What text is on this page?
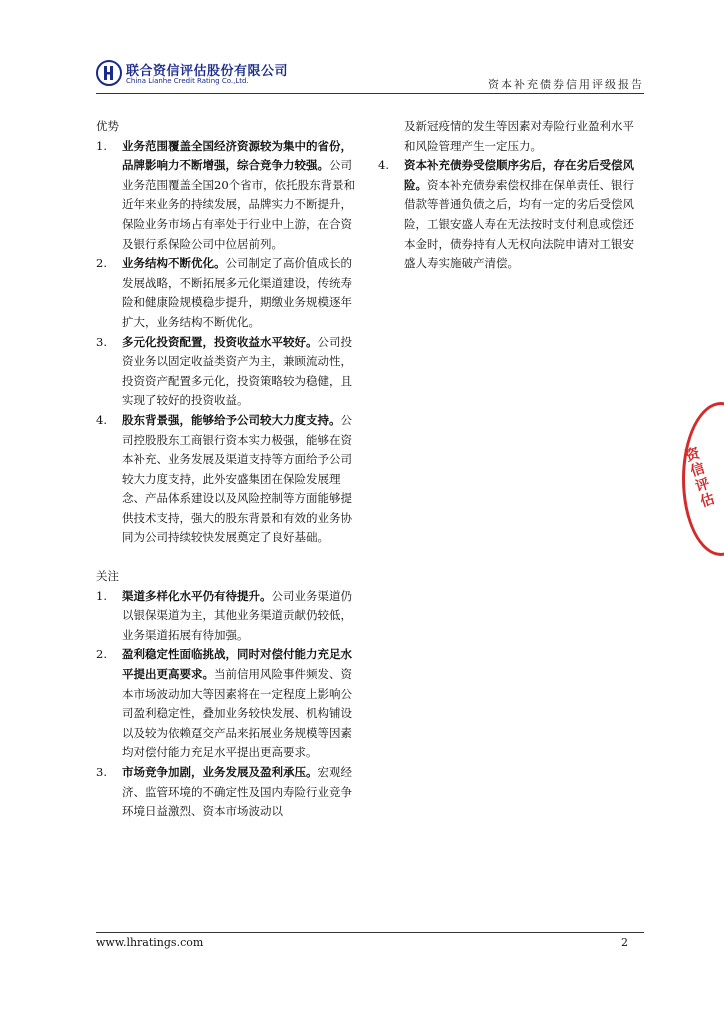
联合资信评估股份有限公司
China Lianhe Credit Rating Co.,Ltd.	资本补充债券信用评级报告
优势
1. 业务范围覆盖全国经济资源较为集中的省份，品牌影响力不断增强，综合竞争力较强。公司业务范围覆盖全国20个省市，依托股东背景和近年来业务的持续发展，品牌实力不断提升，保险业务市场占有率处于行业中上游，在合资及银行系保险公司中位居前列。
2. 业务结构不断优化。公司制定了高价值成长的发展战略，不断拓展多元化渠道建设，传统寿险和健康险规模稳步提升，期缴业务规模逐年扩大，业务结构不断优化。
3. 多元化投资配置，投资收益水平较好。公司投资业务以固定收益类资产为主，兼顾流动性，投资资产配置多元化，投资策略较为稳健，且实现了较好的投资收益。
4. 股东背景强，能够给予公司较大力度支持。公司控股股东工商银行资本实力极强，能够在资本补充、业务发展及渠道支持等方面给予公司较大力度支持，此外安盛集团在保险发展理念、产品体系建设以及风险控制等方面能够提供技术支持，强大的股东背景和有效的业务协同为公司持续较快发展奠定了良好基础。
关注
1. 渠道多样化水平仍有待提升。公司业务渠道仍以银保渠道为主，其他业务渠道贡献仍较低，业务渠道拓展有待加强。
2. 盈利稳定性面临挑战，同时对偿付能力充足水平提出更高要求。当前信用风险事件频发、资本市场波动加大等因素将在一定程度上影响公司盈利稳定性，叠加业务较快发展、机构铺设以及较为依赖趸交产品来拓展业务规模等因素均对偿付能力充足水平提出更高要求。
3. 市场竞争加剧，业务发展及盈利承压。宏观经济、监管环境的不确定性及国内寿险行业竞争环境日益激烈、资本市场波动以
及新冠疫情的发生等因素对寿险行业盈利水平和风险管理产生一定压力。
4. 资本补充债券受偿顺序劣后，存在劣后受偿风险。资本补充债券索偿权排在保单责任、银行借款等普通负债之后，均有一定的劣后受偿风险，工银安盛人寿在无法按时支付利息或偿还本金时，债券持有人无权向法院申请对工银安盛人寿实施破产清偿。
资信评估
www.lhratings.com	2
